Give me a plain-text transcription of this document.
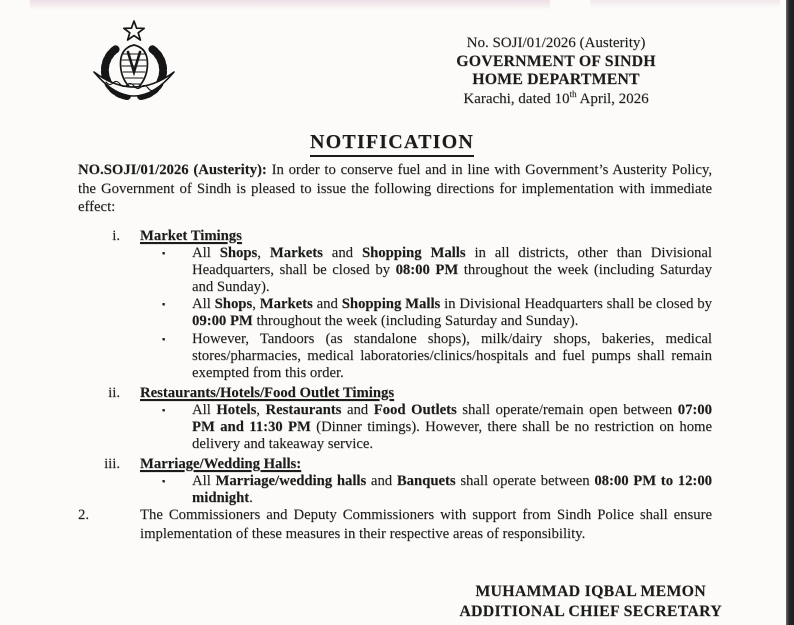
No. SOJI/01/2026 (Austerity)
GOVERNMENT OF SINDH
HOME DEPARTMENT
Karachi, dated 10th April, 2026
NOTIFICATION
NO.SOJI/01/2026 (Austerity): In order to conserve fuel and in line with Government’s Austerity Policy, the Government of Sindh is pleased to issue the following directions for implementation with immediate effect:
i. Market Timings
▪	All Shops, Markets and Shopping Malls in all districts, other than Divisional Headquarters, shall be closed by 08:00 PM throughout the week (including Saturday and Sunday).
▪	All Shops, Markets and Shopping Malls in Divisional Headquarters shall be closed by 09:00 PM throughout the week (including Saturday and Sunday).
▪	However, Tandoors (as standalone shops), milk/dairy shops, bakeries, medical stores/pharmacies, medical laboratories/clinics/hospitals and fuel pumps shall remain exempted from this order.
ii. Restaurants/Hotels/Food Outlet Timings
▪	All Hotels, Restaurants and Food Outlets shall operate/remain open between 07:00 PM and 11:30 PM (Dinner timings). However, there shall be no restriction on home delivery and takeaway service.
iii. Marriage/Wedding Halls:
▪	All Marriage/wedding halls and Banquets shall operate between 08:00 PM to 12:00 midnight.
2.	The Commissioners and Deputy Commissioners with support from Sindh Police shall ensure implementation of these measures in their respective areas of responsibility.
MUHAMMAD IQBAL MEMON
ADDITIONAL CHIEF SECRETARY
